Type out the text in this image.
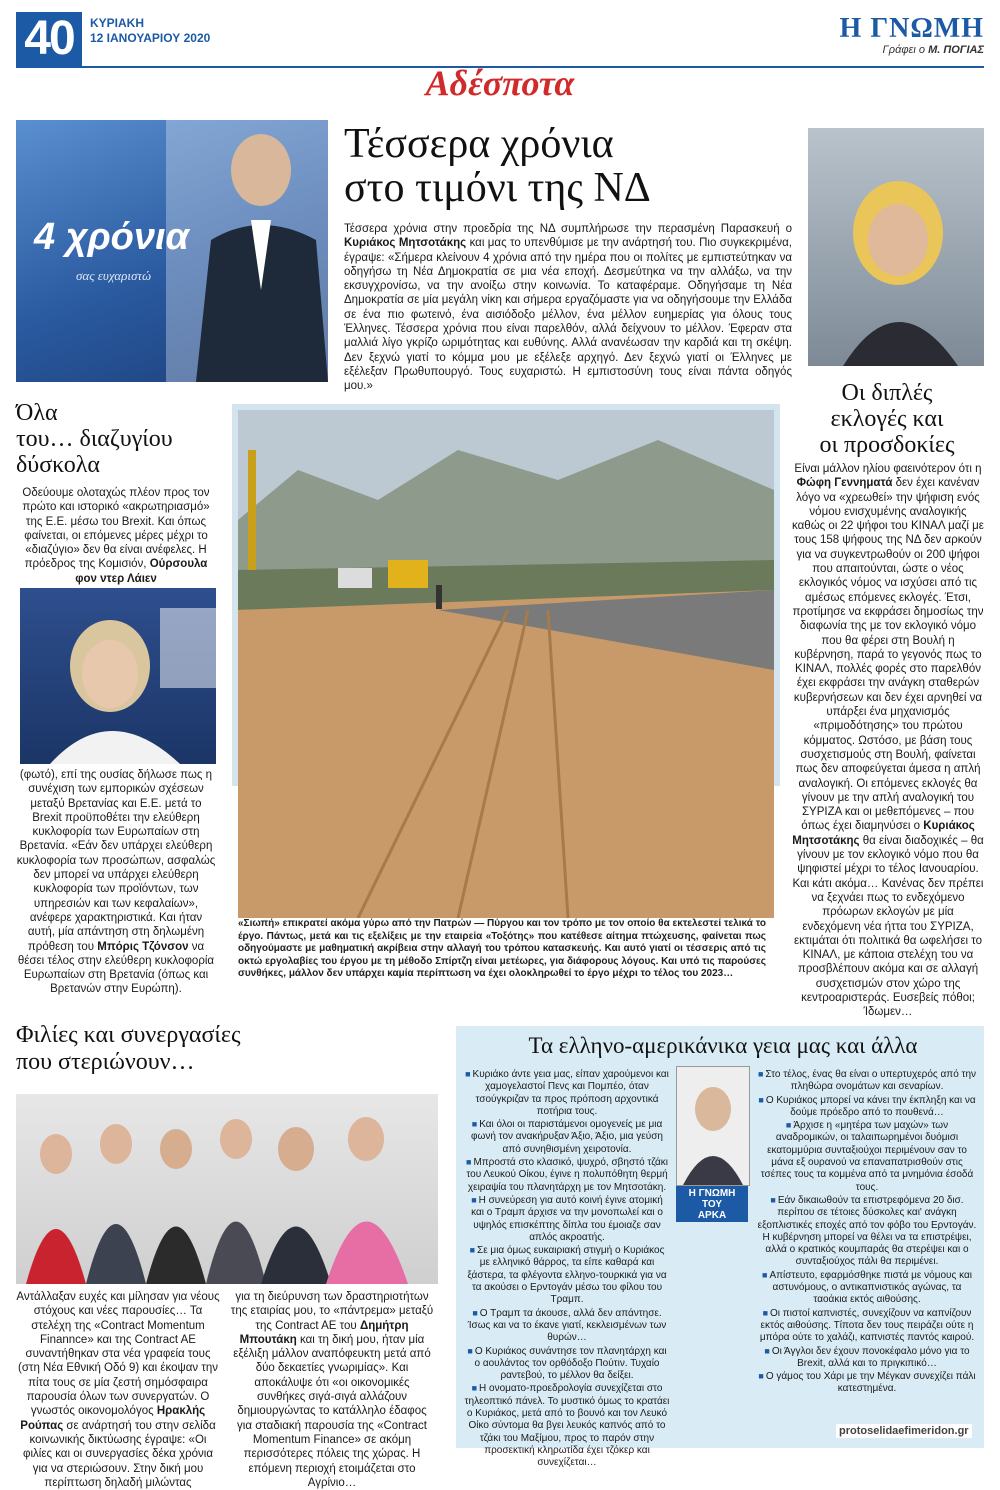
40	ΚΥΡΙΑΚΗ
12 ΙΑΝΟΥΑΡΙΟΥ 2020	Η ΓΝΩΜΗ
Γράφει ο Μ. ΠΟΓΙΑΣ
Αδέσποτα
4 χρόνια
σας ευχαριστώ
Τέσσερα χρόνια
στο τιμόνι της ΝΔ
Τέσσερα χρόνια στην προεδρία της ΝΔ συμπλήρωσε την περασμένη Παρασκευή ο Κυριάκος Μητσοτάκης και μας το υπενθύμισε με την ανάρτησή του. Πιο συγκεκριμένα, έγραψε: «Σήμερα κλείνουν 4 χρόνια από την ημέρα που οι πολίτες με εμπιστεύτηκαν να οδηγήσω τη Νέα Δημοκρατία σε μια νέα εποχή. Δεσμεύτηκα να την αλλάξω, να την εκσυγχρονίσω, να την ανοίξω στην κοινωνία. Το καταφέραμε. Οδηγήσαμε τη Νέα Δημοκρατία σε μία μεγάλη νίκη και σήμερα εργαζόμαστε για να οδηγήσουμε την Ελλάδα σε ένα πιο φωτεινό, ένα αισιόδοξο μέλλον, ένα μέλλον ευημερίας για όλους τους Έλληνες. Τέσσερα χρόνια που είναι παρελθόν, αλλά δείχνουν το μέλλον. Έφεραν στα μαλλιά λίγο γκρίζο ωριμότητας και ευθύνης. Αλλά ανανέωσαν την καρδιά και τη σκέψη. Δεν ξεχνώ γιατί το κόμμα μου με εξέλεξε αρχηγό. Δεν ξεχνώ γιατί οι Έλληνες με εξέλεξαν Πρωθυπουργό. Τους ευχαριστώ. Η εμπιστοσύνη τους είναι πάντα οδηγός μου.»	Οι διπλές
εκλογές και
οι προσδοκίες
Είναι μάλλον ηλίου φαεινότερον ότι η Φώφη Γεννηματά δεν έχει κανέναν λόγο να «χρεωθεί» την ψήφιση ενός νόμου ενισχυμένης αναλογικής καθώς οι 22 ψήφοι του ΚΙΝΑΛ μαζί με τους 158 ψήφους της ΝΔ δεν αρκούν για να συγκεντρωθούν οι 200 ψήφοι που απαιτούνται, ώστε ο νέος εκλογικός νόμος να ισχύσει από τις αμέσως επόμενες εκλογές. Έτσι, προτίμησε να εκφράσει δημοσίως την διαφωνία της με τον εκλογικό νόμο που θα φέρει στη Βουλή η κυβέρνηση, παρά το γεγονός πως το ΚΙΝΑΛ, πολλές φορές στο παρελθόν έχει εκφράσει την ανάγκη σταθερών κυβερνήσεων και δεν έχει αρνηθεί να υπάρξει ένα μηχανισμός «πριμοδότησης» του πρώτου κόμματος. Ωστόσο, με βάση τους συσχετισμούς στη Βουλή, φαίνεται πως δεν αποφεύγεται άμεσα η απλή αναλογική. Οι επόμενες εκλογές θα γίνουν με την απλή αναλογική του ΣΥΡΙΖΑ και οι μεθεπόμενες – που όπως έχει διαμηνύσει ο Κυριάκος Μητσοτάκης θα είναι διαδοχικές – θα γίνουν με τον εκλογικό νόμο που θα ψηφιστεί μέχρι το τέλος Ιανουαρίου. Και κάτι ακόμα… Κανένας δεν πρέπει να ξεχνάει πως το ενδεχόμενο πρόωρων εκλογών με μία ενδεχόμενη νέα ήττα του ΣΥΡΙΖΑ, εκτιμάται ότι πολιτικά θα ωφελήσει το ΚΙΝΑΛ, με κάποια στελέχη του να προσβλέπουν ακόμα και σε αλλαγή συσχετισμών στον χώρο της κεντροαριστεράς. Ευσεβείς πόθοι; Ίδωμεν…
Όλα
του… διαζυγίου
δύσκολα
Οδεύουμε ολοταχώς πλέον προς τον πρώτο και ιστορικό «ακρωτηριασμό» της Ε.Ε. μέσω του Brexit. Και όπως φαίνεται, οι επόμενες μέρες μέχρι το «διαζύγιο» δεν θα είναι ανέφελες. Η πρόεδρος της Κομισιόν, Ούρσουλα φον ντερ Λάιεν
(φωτό), επί της ουσίας δήλωσε πως η συνέχιση των εμπορικών σχέσεων μεταξύ Βρετανίας και Ε.Ε. μετά το Brexit προϋποθέτει την ελεύθερη κυκλοφορία των Ευρωπαίων στη Βρετανία. «Εάν δεν υπάρχει ελεύθερη κυκλοφορία των προσώπων, ασφαλώς δεν μπορεί να υπάρχει ελεύθερη κυκλοφορία των προϊόντων, των υπηρεσιών και των κεφαλαίων», ανέφερε χαρακτηριστικά. Και ήταν αυτή, μία απάντηση στη δηλωμένη πρόθεση του Μπόρις Τζόνσον να θέσει τέλος στην ελεύθερη κυκλοφορία Ευρωπαίων στη Βρετανία (όπως και Βρετανών στην Ευρώπη).
«Σιωπή» επικρατεί ακόμα γύρω από την Πατρών — Πύργου και τον τρόπο με τον οποίο θα εκτελεστεί τελικά το έργο. Πάντως, μετά και τις εξελίξεις με την εταιρεία «Τοξότης» που κατέθεσε αίτημα πτώχευσης, φαίνεται πως οδηγούμαστε με μαθηματική ακρίβεια στην αλλαγή του τρόπου κατασκευής. Και αυτό γιατί οι τέσσερις από τις οκτώ εργολαβίες του έργου με τη μέθοδο Σπίρτζη είναι μετέωρες, για διάφορους λόγους. Και υπό τις παρούσες συνθήκες, μάλλον δεν υπάρχει καμία περίπτωση να έχει ολοκληρωθεί το έργο μέχρι το τέλος του 2023…
Φιλίες και συνεργασίες
που στεριώνουν…
Αντάλλαξαν ευχές και μίλησαν για νέους στόχους και νέες παρουσίες… Τα στελέχη της «Contract Momentum Finannce» και της Contract AE συναντήθηκαν στα νέα γραφεία τους (στη Νέα Εθνική Οδό 9) και έκοψαν την πίτα τους σε μία ζεστή σημόσφαιρα παρουσία όλων των συνεργατών. Ο γνωστός οικονομολόγος Ηρακλής Ρούπας σε ανάρτησή του στην σελίδα κοινωνικής δικτύωσης έγραψε: «Οι φιλίες και οι συνεργασίες δέκα χρόνια για να στεριώσουν. Στην δική μου περίπτωση δηλαδή μιλώντας
για τη διεύρυνση των δραστηριοτήτων της εταιρίας μου, το «πάντρεμα» μεταξύ της Contract AE του Δημήτρη Μπουτάκη και τη δική μου, ήταν μία εξέλιξη μάλλον αναπόφευκτη μετά από δύο δεκαετίες γνωριμίας». Και αποκάλυψε ότι «οι οικονομικές συνθήκες σιγά-σιγά αλλάζουν δημιουργώντας το κατάλληλο έδαφος για σταδιακή παρουσία της «Contract Momentum Finance» σε ακόμη περισσότερες πόλεις της χώρας. Η επόμενη περιοχή ετοιμάζεται στο Αγρίνιο…
Τα ελληνο-αμερικάνικα γεια μας και άλλα
Η ΓΝΩΜΗ
ΤΟΥ
ΑΡΚΑ

■ Κυριάκο άντε γεια μας, είπαν χαρούμενοι και χαμογελαστοί Πενς και Πομπέο, όταν τσούγκριζαν τα προς πρόποση αρχοντικά ποτήρια τους.

■ Και όλοι οι παριστάμενοι ομογενείς με μια φωνή τον ανακήρυξαν Άξιο, Άξιο, μια γεύση από συνηθισμένη χειροτονία.

■ Μπροστά στο κλασικό, ψυχρό, σβηστό τζάκι του Λευκού Οίκου, έγινε η πολυπόθητη θερμή χειραψία του πλανητάρχη με τον Μητσοτάκη.

■ Η συνεύρεση για αυτό κοινή έγινε ατομική και ο Τραμπ άρχισε να την μονοπωλεί και ο υψηλός επισκέπτης δίπλα του έμοιαζε σαν απλός ακροατής.

■ Σε μια όμως ευκαιριακή στιγμή ο Κυριάκος με ελληνικό θάρρος, τα είπε καθαρά και ξάστερα, τα φλέγοντα ελληνο-τουρκικά για να τα ακούσει ο Ερντογάν μέσω του φίλου του Τραμπ.

■ Ο Τραμπ τα άκουσε, αλλά δεν απάντησε. Ίσως και να το έκανε γιατί, κεκλεισμένων των θυρών…

■ Ο Κυριάκος συνάντησε τον πλανητάρχη και ο αουλάντος τον ορθόδοξο Πούτιν. Τυχαίο ραντεβού, το μέλλον θα δείξει.

■ Η ονοματο-προεδρολογία συνεχίζεται στο τηλεοπτικό πάνελ. Το μυστικό όμως το κρατάει ο Κυριάκος, μετά από το βουνό και τον Λευκό Οίκο σύντομα θα βγει λευκός καπνός από το τζάκι του Μαξίμου, προς το παρόν στην προσεκτική κληρωτίδα έχει τζόκερ και συνεχίζεται…

■ Στο τέλος, ένας θα είναι ο υπερτυχερός από την πληθώρα ονομάτων και σεναρίων.

■ Ο Κυριάκος μπορεί να κάνει την έκπληξη και να δούμε πρόεδρο από το πουθενά…

■ Άρχισε η «μητέρα των μαχών» των αναδρομικών, οι ταλαιπωρημένοι δυόμισι εκατομμύρια συνταξιούχοι περιμένουν σαν το μάνα εξ ουρανού να επαναπατρισθούν στις τσέπες τους τα κομμένα από τα μνημόνια έσοδά τους.

■ Εάν δικαιωθούν τα επιστρεφόμενα 20 δισ. περίπου σε τέτοιες δύσκολες και' ανάγκη εξοπλιστικές εποχές από τον φόβο του Ερντογάν. Η κυβέρνηση μπορεί να θέλει να τα επιστρέψει, αλλά ο κρατικός κουμπαράς θα στερέψει και ο συνταξιούχος πάλι θα περιμένει.

■ Απίστευτο, εφαρμόσθηκε πιστά με νόμους και αστυνόμους, ο αντικαπνιστικός αγώνας, τα ταοάκια εκτός αιθούσης.

■ Οι πιστοί καπνιστές, συνεχίζουν να καπνίζουν εκτός αιθούσης. Τίποτα δεν τους πειράζει ούτε η μπόρα ούτε το χαλάζι, καπνιστές παντός καιρού.

■ Οι Άγγλοι δεν έχουν πονοκέφαλο μόνο για το Brexit, αλλά και το πριγκιπικό…

■ Ο γάμος του Χάρι με την Μέγκαν συνεχίζει πάλι κατεστημένα.

protoselidaefimeridon.gr
